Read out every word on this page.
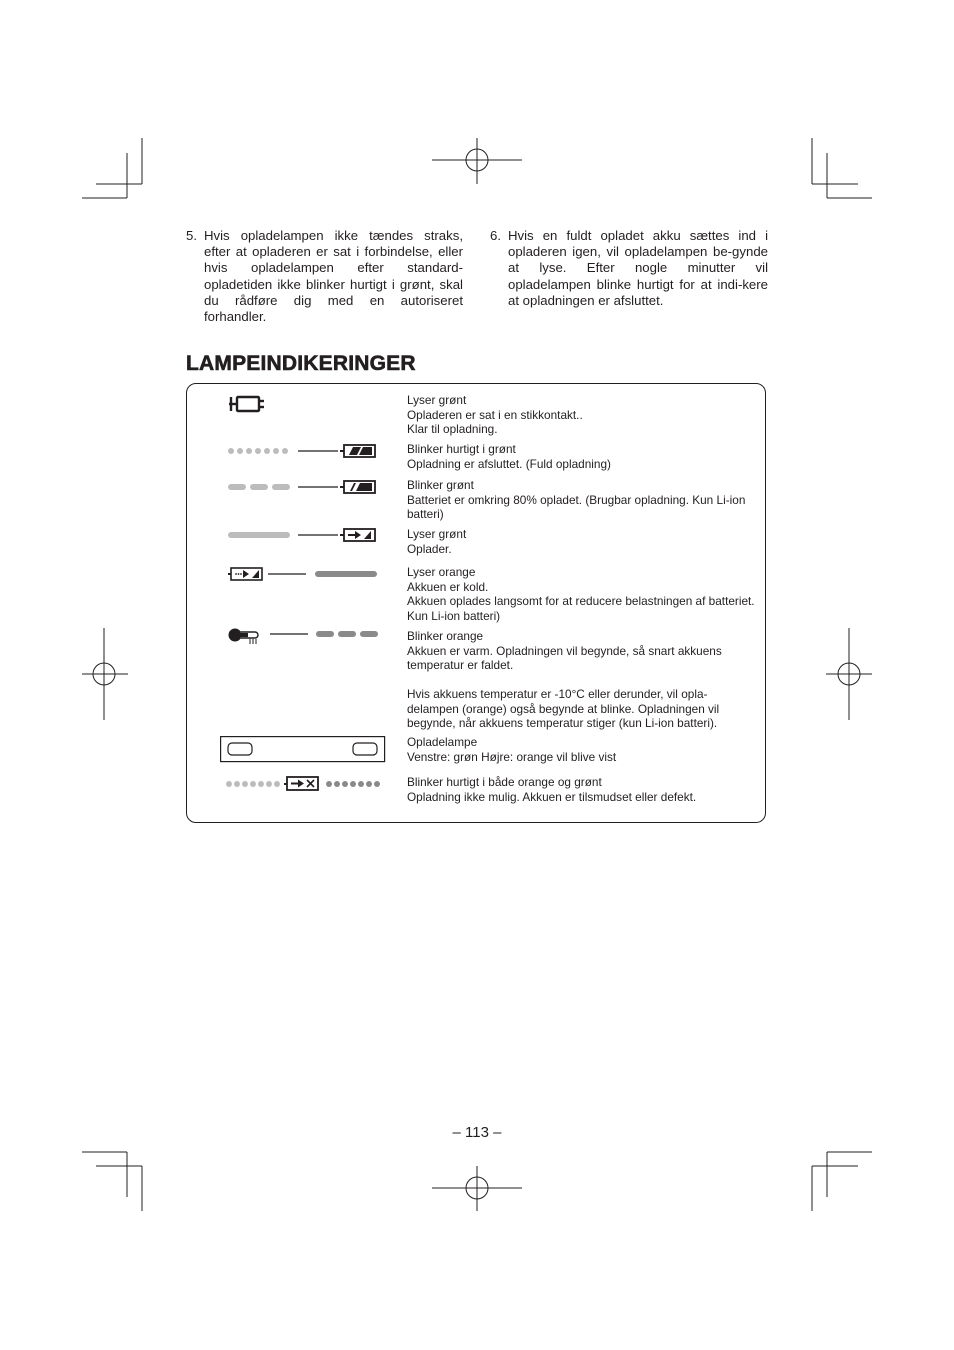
5. Hvis opladelampen ikke tændes straks, efter at opladeren er sat i forbindelse, eller hvis opladelampen efter standard-opladetiden ikke blinker hurtigt i grønt, skal du rådføre dig med en autoriseret forhandler.
6. Hvis en fuldt opladet akku sættes ind i opladeren igen, vil opladelampen be-gynde at lyse. Efter nogle minutter vil opladelampen blinke hurtigt for at indi-kere at opladningen er afsluttet.
LAMPEINDIKERINGER
Lyser grønt
Opladeren er sat i en stikkontakt..
Klar til opladning.
Blinker hurtigt i grønt
Opladning er afsluttet. (Fuld opladning)
Blinker grønt
Batteriet er omkring 80% opladet. (Brugbar opladning. Kun Li-ion batteri)
Lyser grønt
Oplader.
Lyser orange
Akkuen er kold.
Akkuen oplades langsomt for at reducere belastningen af batteriet. Kun Li-ion batteri)
Blinker orange
Akkuen er varm. Opladningen vil begynde, så snart akkuens temperatur er faldet.
Hvis akkuens temperatur er -10°C eller derunder, vil opla-delampen (orange) også begynde at blinke. Opladningen vil begynde, når akkuens temperatur stiger (kun Li-ion batteri).
Opladelampe
Venstre: grøn Højre: orange vil blive vist
Blinker hurtigt i både orange og grønt
Opladning ikke mulig. Akkuen er tilsmudset eller defekt.
– 113 –
